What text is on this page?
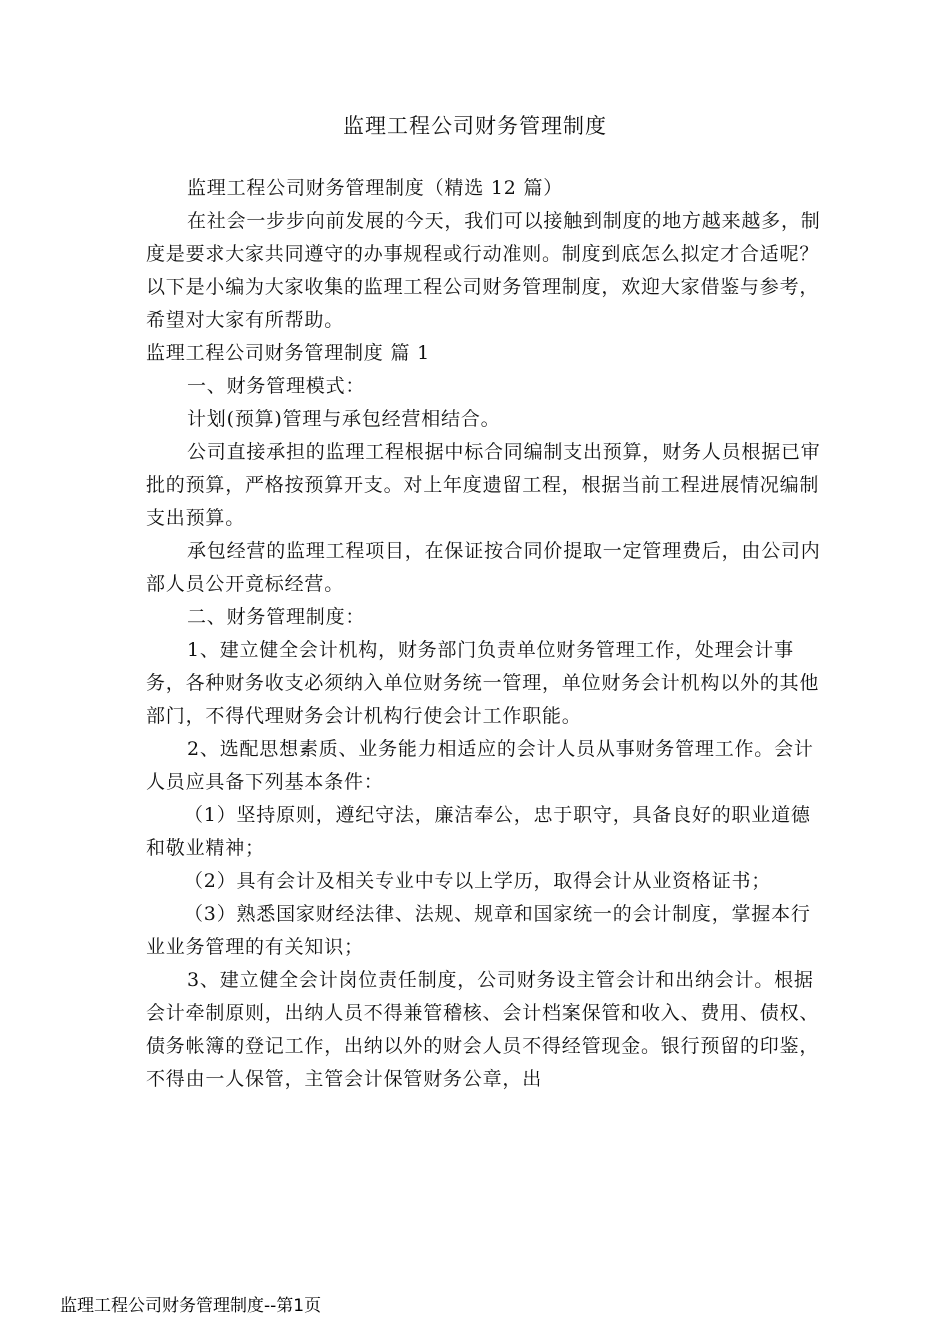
监理工程公司财务管理制度

监理工程公司财务管理制度（精选 12 篇）

在社会一步步向前发展的今天，我们可以接触到制度的地方越来越多，制度是要求大家共同遵守的办事规程或行动准则。制度到底怎么拟定才合适呢？以下是小编为大家收集的监理工程公司财务管理制度，欢迎大家借鉴与参考，希望对大家有所帮助。

监理工程公司财务管理制度 篇 1

一、财务管理模式：

计划(预算)管理与承包经营相结合。

公司直接承担的监理工程根据中标合同编制支出预算，财务人员根据已审批的预算，严格按预算开支。对上年度遗留工程，根据当前工程进展情况编制支出预算。

承包经营的监理工程项目，在保证按合同价提取一定管理费后，由公司内部人员公开竟标经营。

二、财务管理制度：

1、建立健全会计机构，财务部门负责单位财务管理工作，处理会计事务，各种财务收支必须纳入单位财务统一管理，单位财务会计机构以外的其他部门，不得代理财务会计机构行使会计工作职能。

2、选配思想素质、业务能力相适应的会计人员从事财务管理工作。会计人员应具备下列基本条件：

（1）坚持原则，遵纪守法，廉洁奉公，忠于职守，具备良好的职业道德和敬业精神；

（2）具有会计及相关专业中专以上学历，取得会计从业资格证书；

（3）熟悉国家财经法律、法规、规章和国家统一的会计制度，掌握本行业业务管理的有关知识；

3、建立健全会计岗位责任制度，公司财务设主管会计和出纳会计。根据会计牵制原则，出纳人员不得兼管稽核、会计档案保管和收入、费用、债权、债务帐簿的登记工作，出纳以外的财会人员不得经管现金。银行预留的印鉴，不得由一人保管，主管会计保管财务公章，出

监理工程公司财务管理制度--第1页
